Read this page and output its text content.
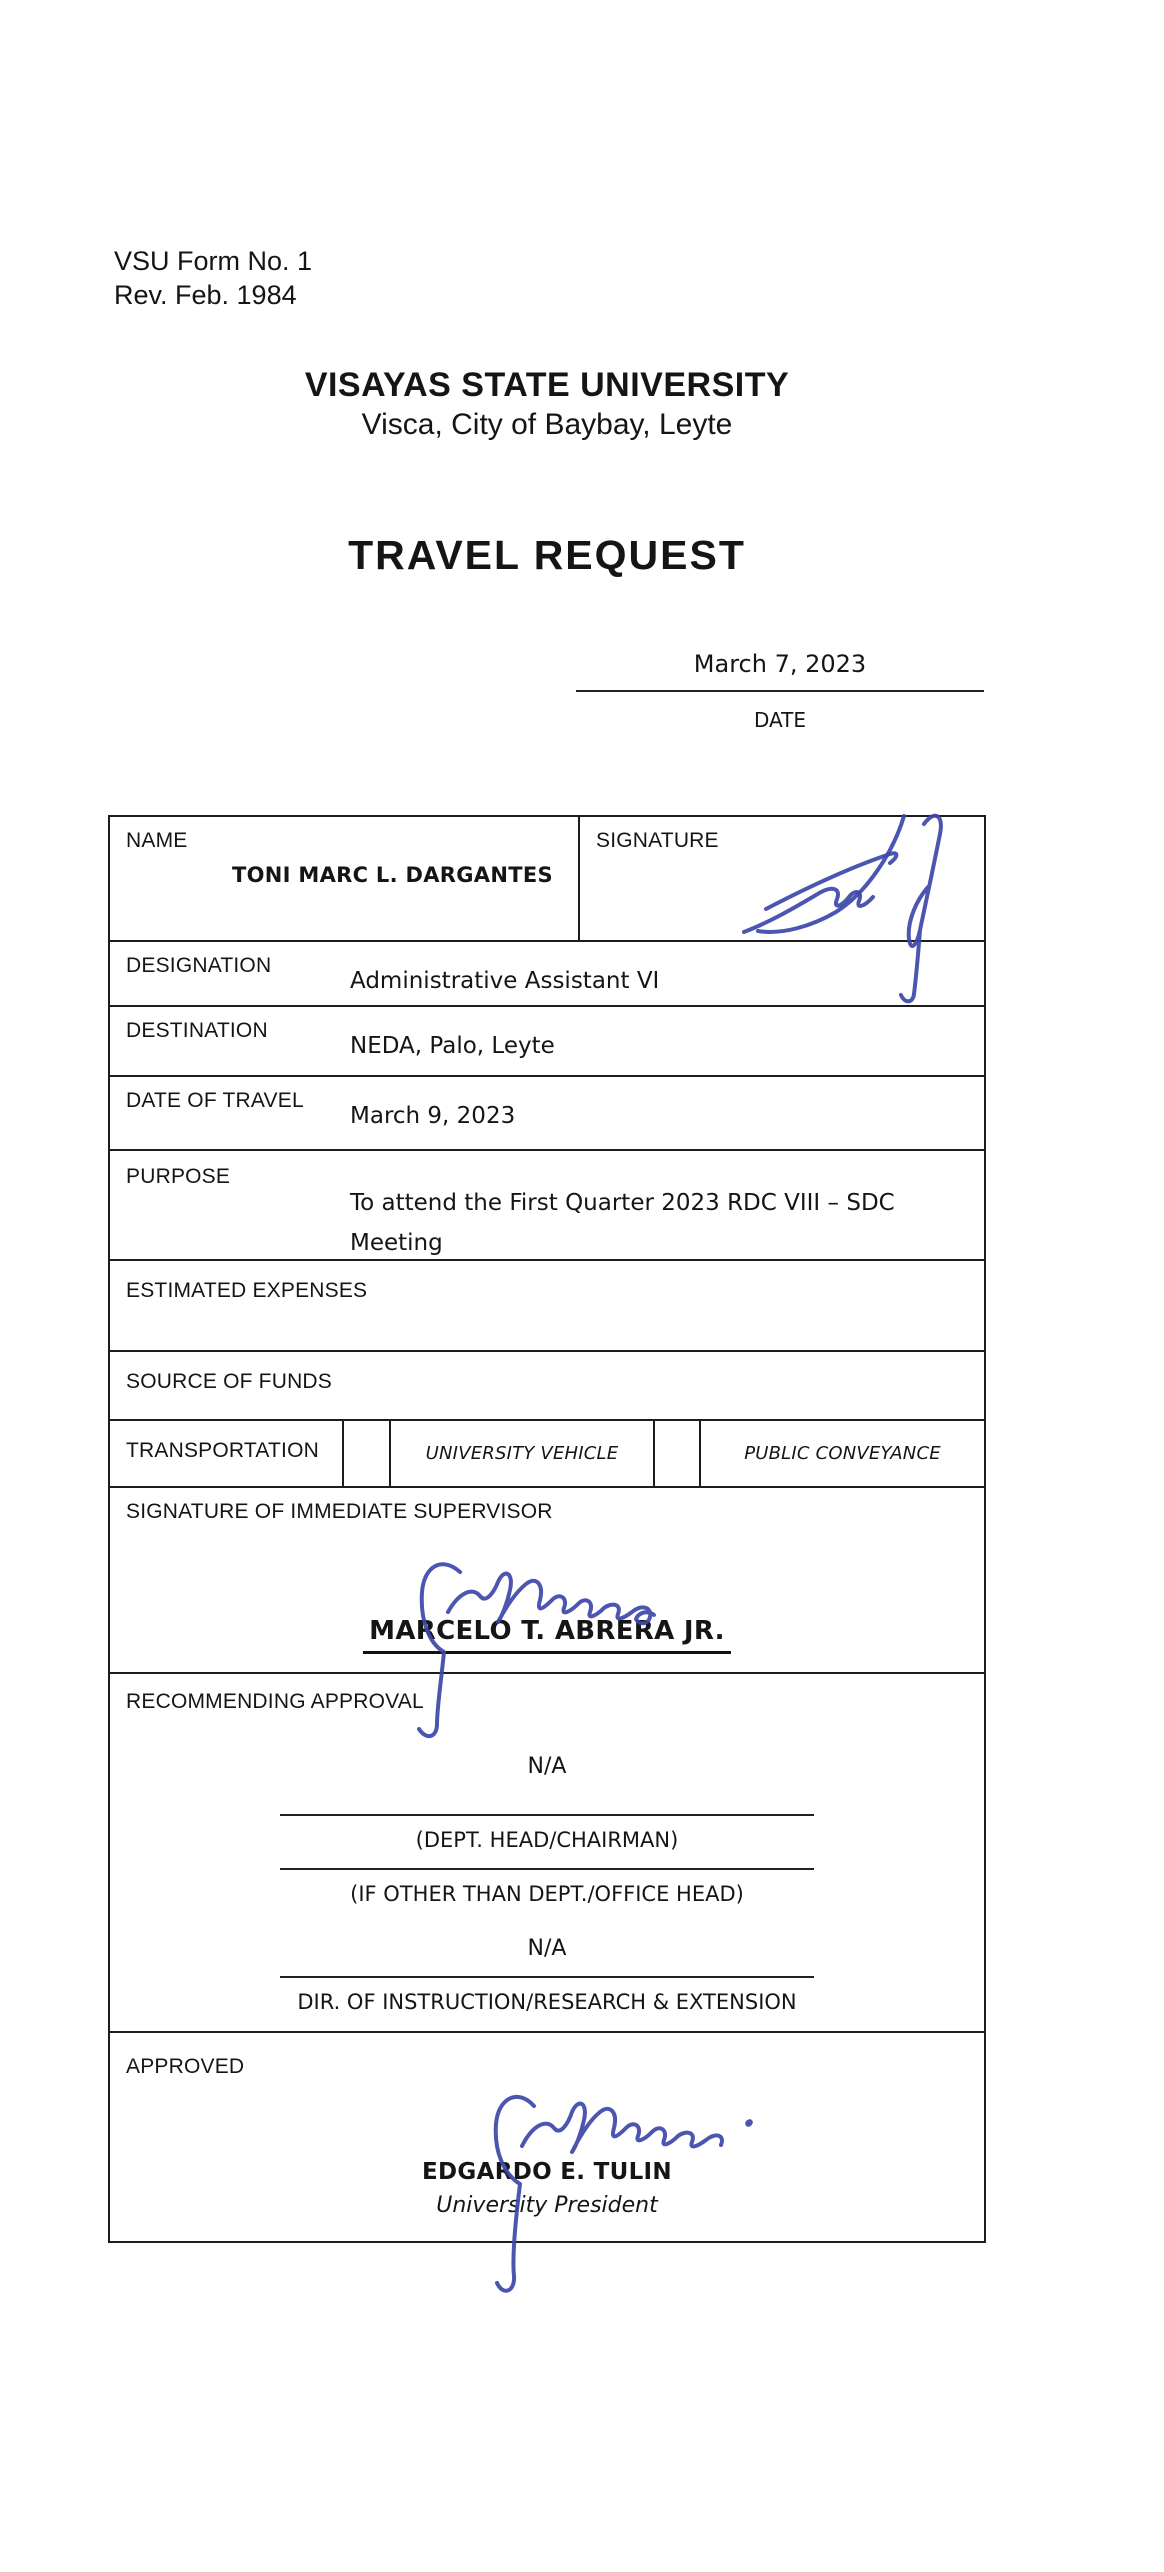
VSU Form No. 1
Rev. Feb. 1984
VISAYAS STATE UNIVERSITY
Visca, City of Baybay, Leyte
TRAVEL REQUEST
March 7, 2023
DATE
NAME
TONI MARC L. DARGANTES
SIGNATURE
DESIGNATION
Administrative Assistant VI
DESTINATION
NEDA, Palo, Leyte
DATE OF TRAVEL
March 9, 2023
PURPOSE
To attend the First Quarter 2023 RDC VIII – SDC Meeting
ESTIMATED EXPENSES
SOURCE OF FUNDS
TRANSPORTATION	UNIVERSITY VEHICLE	PUBLIC CONVEYANCE
SIGNATURE OF IMMEDIATE SUPERVISOR
MARCELO T. ABRERA JR.
RECOMMENDING APPROVAL
N/A
(DEPT. HEAD/CHAIRMAN)
(IF OTHER THAN DEPT./OFFICE HEAD)
N/A
DIR. OF INSTRUCTION/RESEARCH & EXTENSION
APPROVED
EDGARDO E. TULIN
University President
